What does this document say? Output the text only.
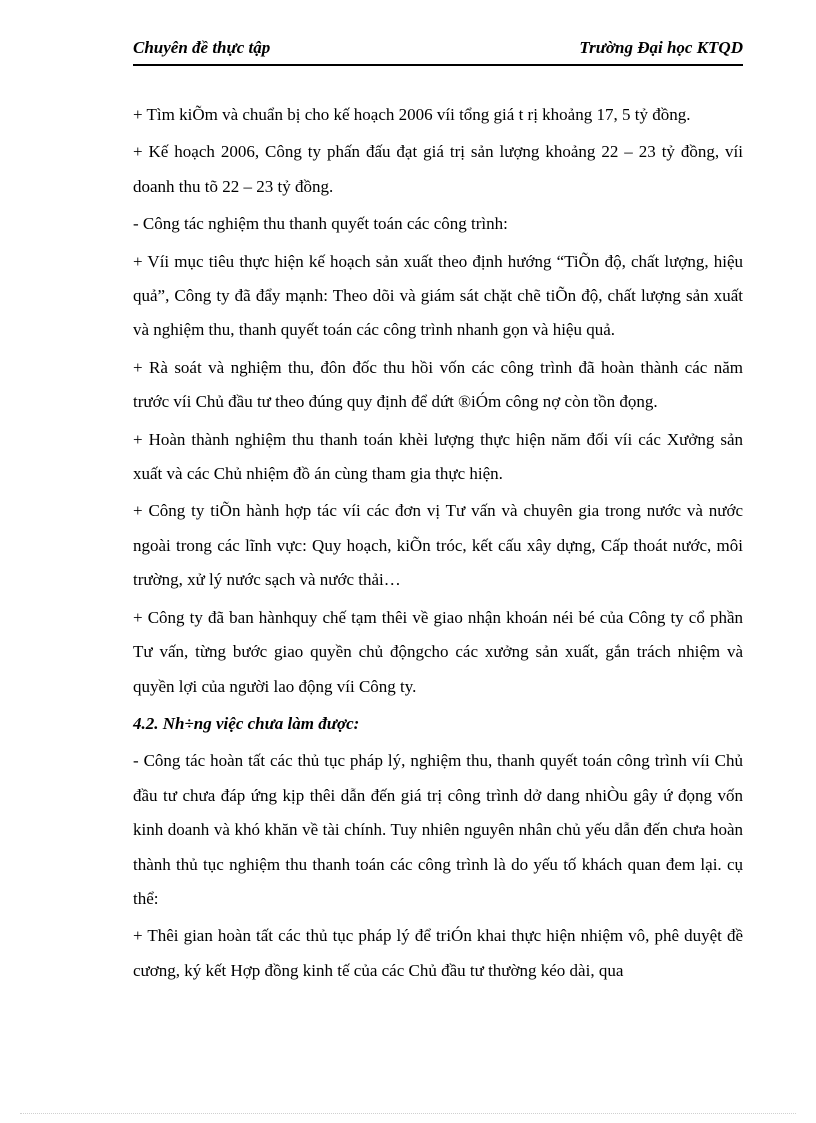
Chuyên đề thực tập	Trường Đại học KTQD

+ Tìm kiÕm và chuẩn bị cho kế hoạch 2006 víi tổng giá t rị khoảng 17, 5 tỷ đồng.

+ Kế hoạch 2006, Công ty phấn đấu đạt giá trị sản lượng khoảng 22 – 23 tỷ đồng, víi doanh thu tõ 22 – 23 tỷ đồng.

- Công tác nghiệm thu thanh quyết toán các công trình:

+ Víi mục tiêu thực hiện kế hoạch sản xuất theo định hướng “TiÕn độ, chất lượng, hiệu quả”, Công ty đã đẩy mạnh: Theo dõi và giám sát chặt chẽ tiÕn độ, chất lượng sản xuất và nghiệm thu, thanh quyết toán các công trình nhanh gọn và hiệu quả.

+ Rà soát và nghiệm thu, đôn đốc thu hồi vốn các công trình đã hoàn thành các năm trước víi Chủ đầu tư theo đúng quy định để dứt ®iÓm công nợ còn tồn đọng.

+ Hoàn thành nghiệm thu thanh toán khèi lượng thực hiện năm đối víi các Xưởng sản xuất và các Chủ nhiệm đồ án cùng tham gia thực hiện.

+ Công ty tiÕn hành hợp tác víi các đơn vị Tư vấn và chuyên gia trong nước và nước ngoài trong các lĩnh vực: Quy hoạch, kiÕn tróc, kết cấu xây dựng, Cấp thoát nước, môi trường, xử lý nước sạch và nước thải…

+ Công ty đã ban hànhquy chế tạm thêi về giao nhận khoán néi bé của Công ty cổ phần Tư vấn, từng bước giao quyền chủ độngcho các xưởng sản xuất, gắn trách nhiệm và quyền lợi của người lao động víi Công ty.

4.2. Nh÷ng việc chưa làm được:

- Công tác hoàn tất các thủ tục pháp lý, nghiệm thu, thanh quyết toán công trình víi Chủ đầu tư chưa đáp ứng kịp thêi dẫn đến giá trị công trình dở dang nhiÒu gây ứ đọng vốn kinh doanh và khó khăn về tài chính. Tuy nhiên nguyên nhân chủ yếu dẫn đến chưa hoàn thành thủ tục nghiệm thu thanh toán các công trình là do yếu tố khách quan đem lại. cụ thể:

+ Thêi gian hoàn tất các thủ tục pháp lý để triÓn khai thực hiện nhiệm vô, phê duyệt đề cương, ký kết Hợp đồng kinh tế của các Chủ đầu tư thường kéo dài, qua
